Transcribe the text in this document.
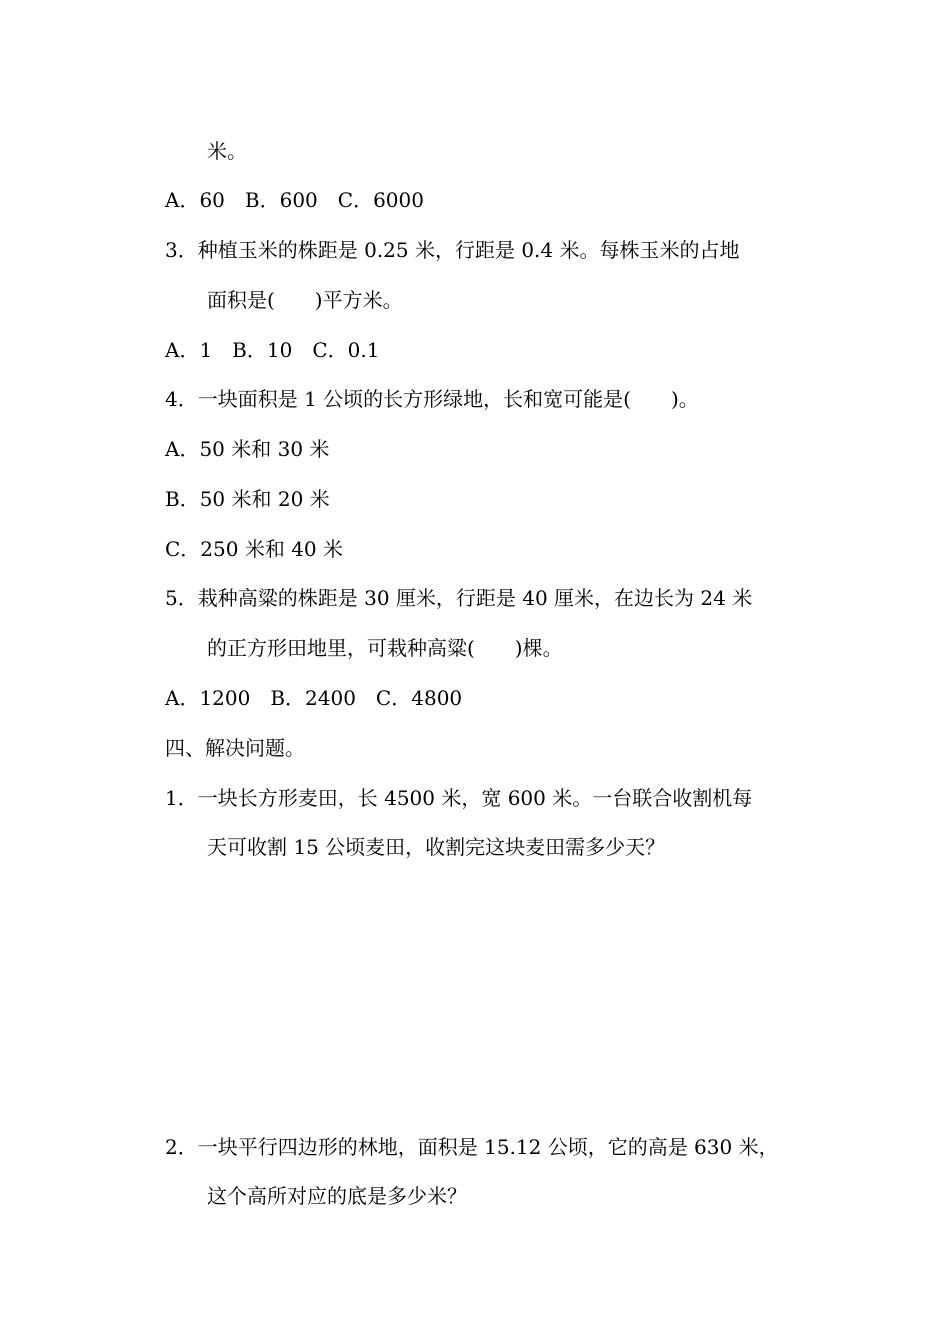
米。
A．60　B．600　C．6000
3．种植玉米的株距是 0.25 米，行距是 0.4 米。每株玉米的占地
面积是(　　)平方米。
A．1　B．10　C．0.1
4．一块面积是 1 公顷的长方形绿地，长和宽可能是(　　)。
A．50 米和 30 米
B．50 米和 20 米
C．250 米和 40 米
5．栽种高粱的株距是 30 厘米，行距是 40 厘米，在边长为 24 米
的正方形田地里，可栽种高粱(　　)棵。
A．1200　B．2400　C．4800
四、解决问题。
1．一块长方形麦田，长 4500 米，宽 600 米。一台联合收割机每
天可收割 15 公顷麦田，收割完这块麦田需多少天？
2．一块平行四边形的林地，面积是 15.12 公顷，它的高是 630 米，
这个高所对应的底是多少米？
